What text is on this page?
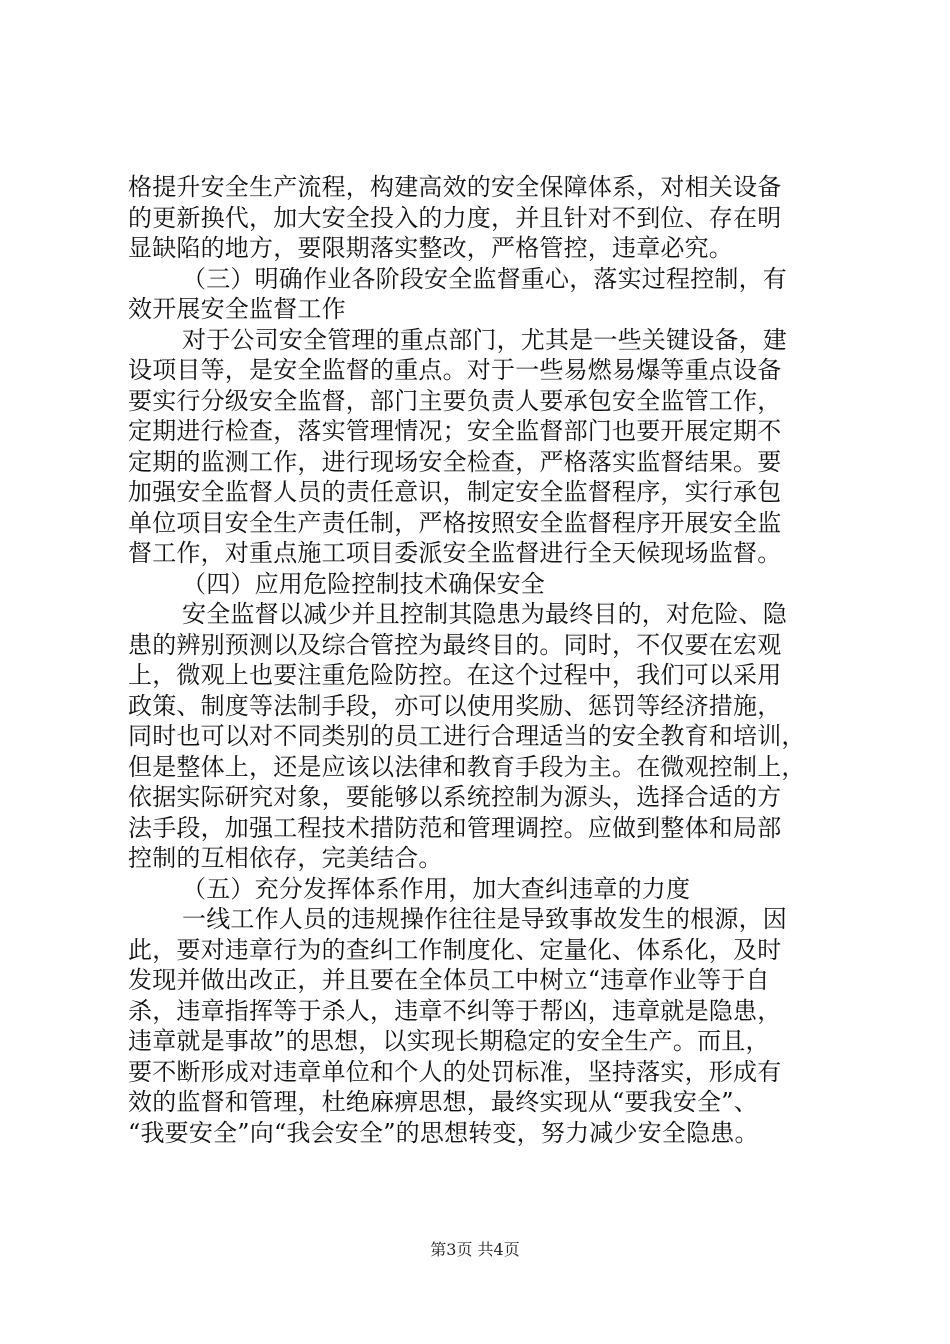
格提升安全生产流程，构建高效的安全保障体系，对相关设备
的更新换代，加大安全投入的力度，并且针对不到位、存在明
显缺陷的地方，要限期落实整改，严格管控，违章必究。
（三）明确作业各阶段安全监督重心，落实过程控制，有
效开展安全监督工作
对于公司安全管理的重点部门，尤其是一些关键设备，建
设项目等，是安全监督的重点。对于一些易燃易爆等重点设备
要实行分级安全监督，部门主要负责人要承包安全监管工作，
定期进行检查，落实管理情况；安全监督部门也要开展定期不
定期的监测工作，进行现场安全检查，严格落实监督结果。要
加强安全监督人员的责任意识，制定安全监督程序，实行承包
单位项目安全生产责任制，严格按照安全监督程序开展安全监
督工作，对重点施工项目委派安全监督进行全天候现场监督。
（四）应用危险控制技术确保安全
安全监督以减少并且控制其隐患为最终目的，对危险、隐
患的辨别预测以及综合管控为最终目的。同时，不仅要在宏观
上，微观上也要注重危险防控。在这个过程中，我们可以采用
政策、制度等法制手段，亦可以使用奖励、惩罚等经济措施，
同时也可以对不同类别的员工进行合理适当的安全教育和培训，
但是整体上，还是应该以法律和教育手段为主。在微观控制上，
依据实际研究对象，要能够以系统控制为源头，选择合适的方
法手段，加强工程技术措防范和管理调控。应做到整体和局部
控制的互相依存，完美结合。
（五）充分发挥体系作用，加大查纠违章的力度
一线工作人员的违规操作往往是导致事故发生的根源，因
此，要对违章行为的查纠工作制度化、定量化、体系化，及时
发现并做出改正，并且要在全体员工中树立“违章作业等于自
杀，违章指挥等于杀人，违章不纠等于帮凶，违章就是隐患，
违章就是事故”的思想，以实现长期稳定的安全生产。而且，
要不断形成对违章单位和个人的处罚标准，坚持落实，形成有
效的监督和管理，杜绝麻痹思想，最终实现从“要我安全”、
“我要安全”向“我会安全”的思想转变，努力减少安全隐患。
第3页 共4页
